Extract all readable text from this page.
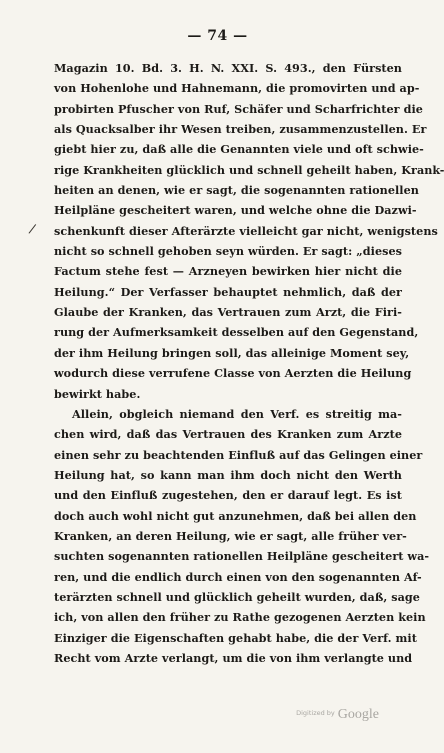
— 74 —
/
Magazin 10. Bd. 3. H. N. XXI. S. 493., den Fürsten
von Hohenlohe und Hahnemann, die promovirten und ap-
probirten Pfuscher von Ruf, Schäfer und Scharfrichter die
als Quacksalber ihr Wesen treiben, zusammenzustellen. Er
giebt hier zu, daß alle die Genannten viele und oft schwie-
rige Krankheiten glücklich und schnell geheilt haben, Krank-
heiten an denen, wie er sagt, die sogenannten rationellen
Heilpläne gescheitert waren, und welche ohne die Dazwi-
schenkunft dieser Afterärzte vielleicht gar nicht, wenigstens
nicht so schnell gehoben seyn würden. Er sagt: „dieses
Factum stehe fest — Arzneyen bewirken hier nicht die
Heilung.“ Der Verfasser behauptet nehmlich, daß der
Glaube der Kranken, das Vertrauen zum Arzt, die Firi-
rung der Aufmerksamkeit desselben auf den Gegenstand,
der ihm Heilung bringen soll, das alleinige Moment sey,
wodurch diese verrufene Classe von Aerzten die Heilung
bewirkt habe.
Allein, obgleich niemand den Verf. es streitig ma-
chen wird, daß das Vertrauen des Kranken zum Arzte
einen sehr zu beachtenden Einfluß auf das Gelingen einer
Heilung hat, so kann man ihm doch nicht den Werth
und den Einfluß zugestehen, den er darauf legt. Es ist
doch auch wohl nicht gut anzunehmen, daß bei allen den
Kranken, an deren Heilung, wie er sagt, alle früher ver-
suchten sogenannten rationellen Heilpläne gescheitert wa-
ren, und die endlich durch einen von den sogenannten Af-
terärzten schnell und glücklich geheilt wurden, daß, sage
ich, von allen den früher zu Rathe gezogenen Aerzten kein
Einziger die Eigenschaften gehabt habe, die der Verf. mit
Recht vom Arzte verlangt, um die von ihm verlangte und
Digitized by Google
